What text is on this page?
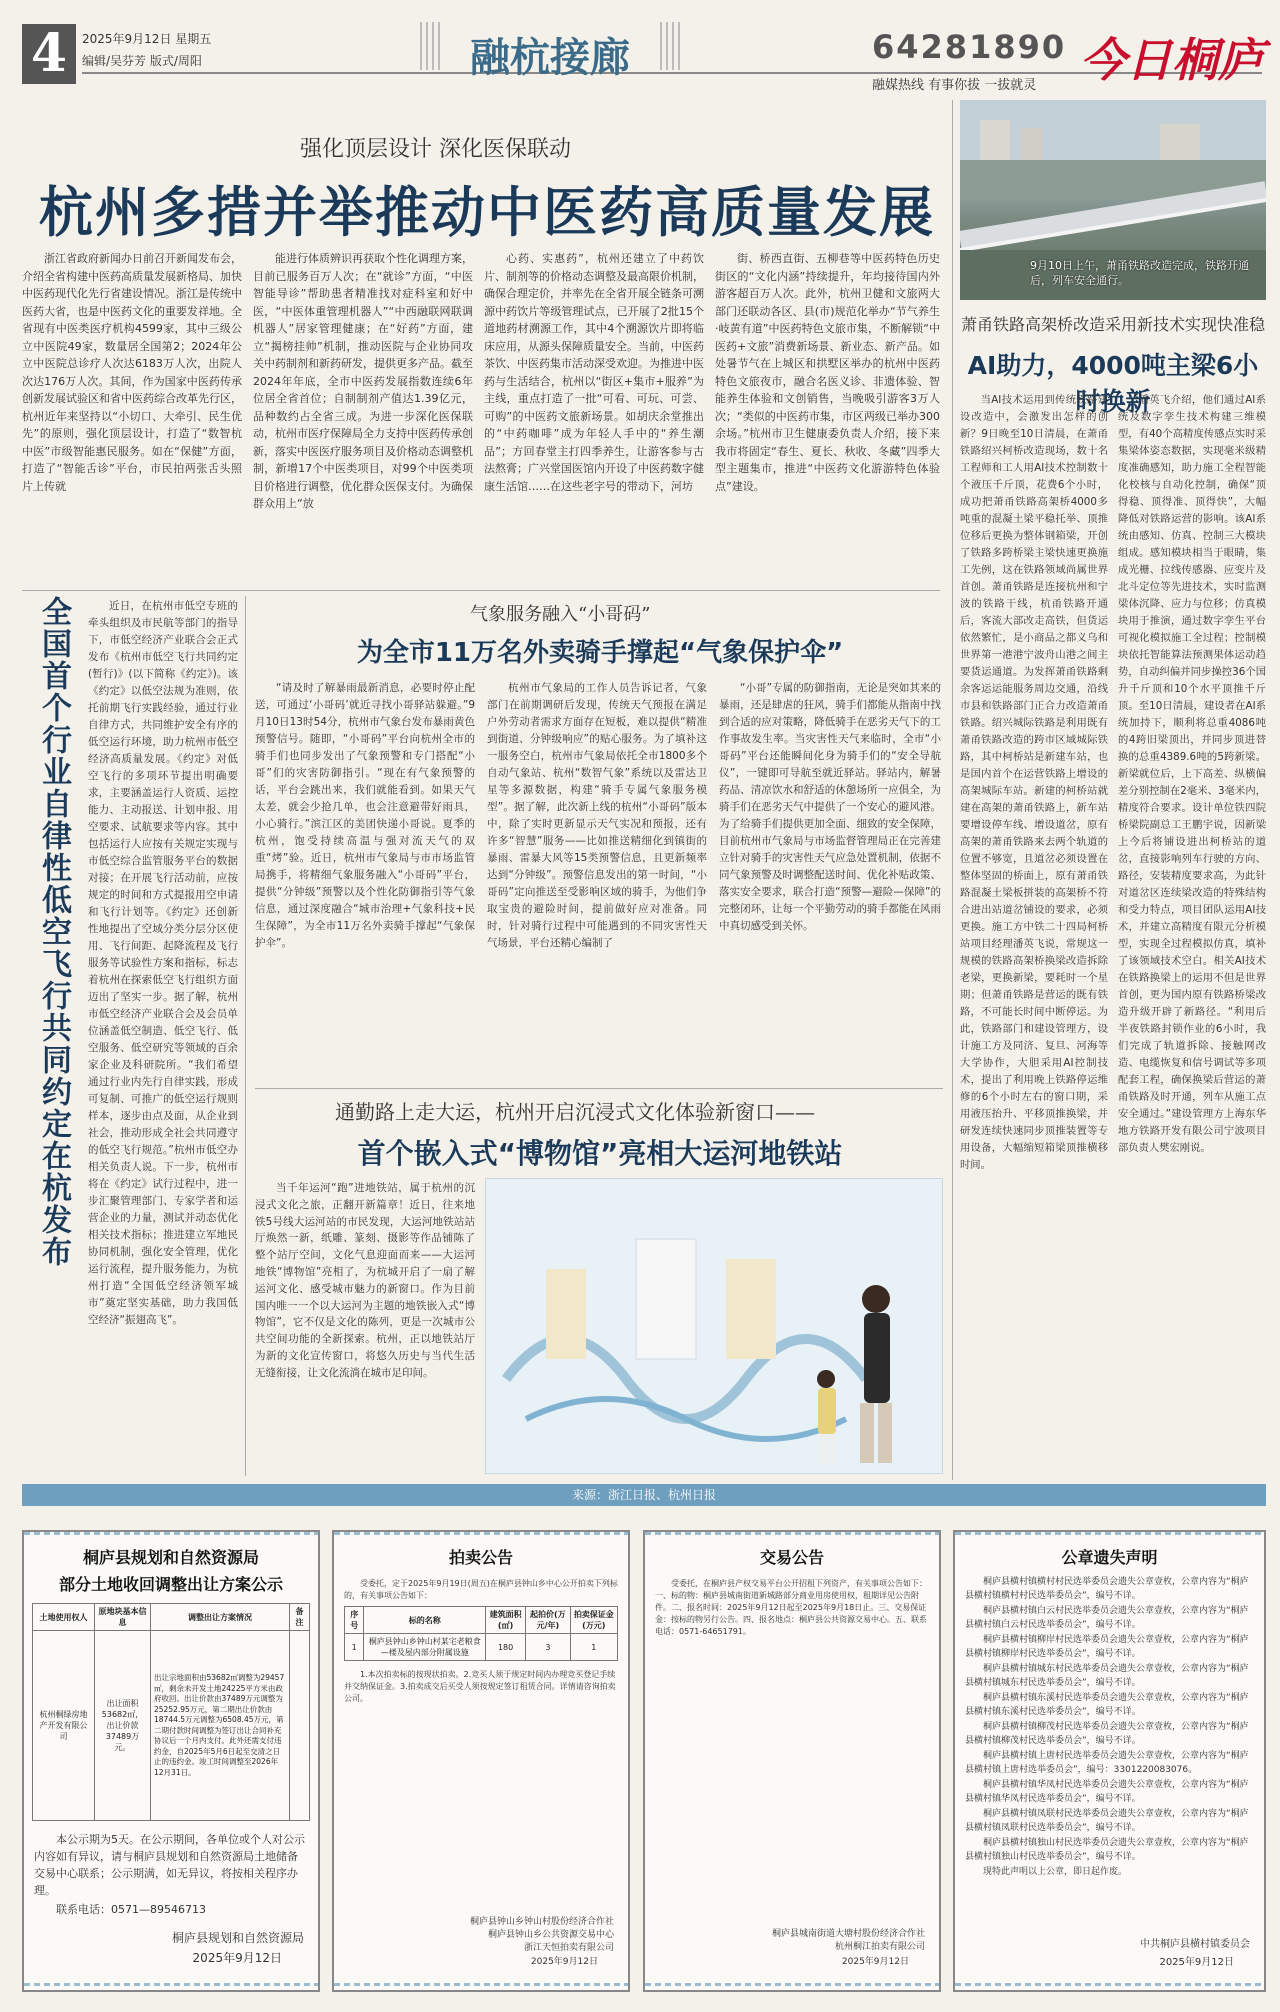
4	2025年9月12日 星期五
编辑/吴芬芳 版式/周阳	融杭接廊	64281890
融媒热线 有事你拔 一拔就灵 今日桐庐
强化顶层设计 深化医保联动
杭州多措并举推动中医药高质量发展

浙江省政府新闻办日前召开新闻发布会，介绍全省构建中医药高质量发展新格局、加快中医药现代化先行省建设情况。浙江是传统中医药大省，也是中医药文化的重要发祥地。全省现有中医类医疗机构4599家，其中三级公立中医院49家，数量居全国第2；2024年公立中医院总诊疗人次达6183万人次，出院人次达176万人次。其间，作为国家中医药传承创新发展试验区和省中医药综合改革先行区，杭州近年来坚持以“小切口、大牵引、民生优先”的原则，强化顶层设计，打造了“数智杭中医”市级智能惠民服务。如在“保健”方面，打造了“智能舌诊”平台，市民拍两张舌头照片上传就

能进行体质辨识再获取个性化调理方案，目前已服务百万人次；在“就诊”方面，“中医智能导诊”帮助患者精准找对症科室和好中医，“中医体重管理机器人”“中西融联网联调机器人”居家管理健康；在“好药”方面，建立“揭榜挂帅”机制，推动医院与企业协同攻关中药制剂和新药研发，提供更多产品。截至2024年年底，全市中医药发展指数连续6年位居全省首位；自制制剂产值达1.39亿元，品种数约占全省三成。为进一步深化医保联动，杭州市医疗保障局全力支持中医药传承创新，落实中医医疗服务项目及价格动态调整机制，新增17个中医类项目，对99个中医类项目价格进行调整，优化群众医保支付。为确保群众用上“放

心药、实惠药”，杭州还建立了中药饮片、制剂等的价格动态调整及最高限价机制，确保合理定价，并率先在全省开展全链条可溯源中药饮片等级管理试点，已开展了2批15个道地药材溯源工作，其中4个溯源饮片即将临床应用，从源头保障质量安全。当前，中医药茶饮、中医药集市活动深受欢迎。为推进中医药与生活结合，杭州以“街区+集市+服养”为主线，重点打造了一批“可看、可玩、可尝、可购”的中医药文旅新场景。如胡庆余堂推出的“中药咖啡”成为年轻人手中的“养生潮品”；方回春堂主打四季养生，让游客参与古法熬膏；广兴堂国医馆内开设了中医药数字健康生活馆……在这些老字号的带动下，河坊

街、桥西直街、五柳巷等中医药特色历史街区的“文化内涵”持续提升，年均接待国内外游客超百万人次。此外，杭州卫健和文旅两大部门还联动各区、县(市)规范化举办“节气养生·岐黄有道”中医药特色文旅市集，不断解锁“中医药+文旅”消费新场景、新业态、新产品。如处暑节气在上城区和拱墅区举办的杭州中医药特色文旅夜市，融合名医义诊、非遗体验、智能养生体验和文创销售，当晚吸引游客3万人次；“类似的中医药市集，市区两级已举办300余场。”杭州市卫生健康委负责人介绍，接下来我市将固定“春生、夏长、秋收、冬藏”四季大型主题集市，推进“中医药文化游游特色体验点”建设。

全国首个行业自律性低空飞行共同约定在杭发布	近日，在杭州市低空专班的牵头组织及市民航等部门的指导下，市低空经济产业联合会正式发布《杭州市低空飞行共同约定(暂行)》(以下简称《约定》)。该《约定》以低空法规为准则，依托前期飞行实践经验，通过行业自律方式，共同维护安全有序的低空运行环境，助力杭州市低空经济高质量发展。《约定》对低空飞行的多项环节提出明确要求，主要涵盖运行人资质、运控能力、主动报送、计划申报、用空要求、试航要求等内容。其中包括运行人应按有关规定实现与市低空综合监管服务平台的数据对接；在开展飞行活动前，应按规定的时间和方式提报用空申请和飞行计划等。《约定》还创新性地提出了空域分类分层分区使用、飞行间距、起降流程及飞行服务等试验性方案和指标，标志着杭州在探索低空飞行组织方面迈出了坚实一步。据了解，杭州市低空经济产业联合会及会员单位涵盖低空制造、低空飞行、低空服务、低空研究等领域的百余家企业及科研院所。“我们希望通过行业内先行自律实践，形成可复制、可推广的低空运行规则样本，逐步由点及面，从企业到社会，推动形成全社会共同遵守的低空飞行规范。”杭州市低空办相关负责人说。下一步，杭州市将在《约定》试行过程中，进一步汇聚管理部门、专家学者和运营企业的力量，测试并动态优化相关技术指标；推进建立军地民协同机制，强化安全管理，优化运行流程，提升服务能力，为杭州打造“全国低空经济领军城市”奠定坚实基础，助力我国低空经济“振翅高飞”。

气象服务融入“小哥码”
为全市11万名外卖骑手撑起“气象保护伞”

“请及时了解暴雨最新消息，必要时停止配送，可通过‘小哥码’就近寻找小哥驿站躲避。”9月10日13时54分，杭州市气象台发布暴雨黄色预警信号。随即，“小哥码”平台向杭州全市的骑手们也同步发出了气象预警和专门搭配“小哥”们的灾害防御指引。“现在有气象预警的话，平台会跳出来，我们就能看到。如果天气太差，就会少抢几单，也会注意避带好雨具，小心骑行。”滨江区的美团快递小哥说。夏季的杭州，饱受持续高温与强对流天气的双重“烤”验。近日，杭州市气象局与市市场监管局携手，将精细气象服务融入“小哥码”平台，提供“分钟级”预警以及个性化防御指引等气象信息，通过深度融合“城市治理+气象科技+民生保障”，为全市11万名外卖骑手撑起“气象保护伞”。

杭州市气象局的工作人员告诉记者，气象部门在前期调研后发现，传统天气预报在满足户外劳动者需求方面存在短板，难以提供“精准到街道、分钟级响应”的贴心服务。为了填补这一服务空白，杭州市气象局依托全市1800多个自动气象站、杭州“数智气象”系统以及雷达卫星等多源数据，构建“骑手专属气象服务模型”。据了解，此次新上线的杭州“小哥码”版本中，除了实时更新显示天气实况和预报，还有许多“智慧”服务——比如推送精细化到镇街的暴雨、雷暴大风等15类预警信息，且更新频率达到“分钟级”。预警信息发出的第一时间，“小哥码”定向推送至受影响区域的骑手，为他们争取宝贵的避险时间，提前做好应对准备。同时，针对骑行过程中可能遇到的不同灾害性天气场景，平台还精心编制了

“小哥”专属的防御指南，无论是突如其来的暴雨，还是肆虐的狂风，骑手们都能从指南中找到合适的应对策略，降低骑手在恶劣天气下的工作事故发生率。当灾害性天气来临时，全市“小哥码”平台还能瞬间化身为骑手们的“安全导航仪”，一键即可导航至就近驿站。驿站内，解暑药品、清凉饮水和舒适的休憩场所一应俱全，为骑手们在恶劣天气中提供了一个安心的避风港。为了给骑手们提供更加全面、细致的安全保障，目前杭州市气象局与市场监督管理局正在完善建立针对骑手的灾害性天气应急处置机制，依据不同气象预警及时调整配送时间、优化补贴政策、落实安全要求，联合打造“预警—避险—保障”的完整闭环，让每一个平勤劳动的骑手都能在风雨中真切感受到关怀。

通勤路上走大运，杭州开启沉浸式文化体验新窗口——
首个嵌入式“博物馆”亮相大运河地铁站

当千年运河“跑”进地铁站，属于杭州的沉浸式文化之旅，正翻开新篇章！近日，往来地铁5号线大运河站的市民发现，大运河地铁站站厅焕然一新，纸雕、篆刻、摄影等作品铺陈了整个站厅空间，文化气息迎面而来——大运河地铁“博物馆”亮相了，为杭城开启了一扇了解运河文化、感受城市魅力的新窗口。作为目前国内唯一一个以大运河为主题的地铁嵌入式“博物馆”，它不仅是文化的陈列，更是一次城市公共空间功能的全新探索。杭州，正以地铁站厅为新的文化宣传窗口，将悠久历史与当代生活无缝衔接，让文化流淌在城市足印间。

9月10日上午，萧甬铁路改造完成，铁路开通后，列车安全通行。
萧甬铁路高架桥改造采用新技术实现快准稳
AI助力，4000吨主梁6小时换新

当AI技术运用到传统铁路建设改造中，会激发出怎样的创新？9日晚至10日清晨，在萧甬铁路绍兴柯桥改造现场，数十名工程师和工人用AI技术控制数十个液压千斤顶，花费6个小时，成功把萧甬铁路高架桥4000多吨重的混凝土梁平稳托举、顶推位移后更换为整体钢箱梁，开创了铁路多跨桥梁主梁快速更换施工先例，这在铁路领域尚属世界首创。萧甬铁路是连接杭州和宁波的铁路干线，杭甬铁路开通后，客流大部改走高铁，但货运依然繁忙，是小商品之都义乌和世界第一港港宁波舟山港之间主要货运通道。为发挥萧甬铁路剩余客运运能服务周边交通，沿线市县和铁路部门正合力改造萧甬铁路。绍兴城际铁路是利用既有萧甬铁路改造的跨市区域城际铁路，其中柯桥站是新建车站，也是国内首个在运营铁路上增设的高架城际车站。新建的柯桥站就建在高架的萧甬铁路上，新车站要增设停车线、增设道岔，原有高架的萧甬铁路来去两个轨道的位置不够宽，且道岔必须设置在整体坚固的桥面上，原有萧甬铁路混凝土梁板拼装的高架桥不符合进出站道岔铺设的要求，必须更换。施工方中铁二十四局柯桥站项目经理潘英飞说，常规这一规模的铁路高架桥换梁改造拆除老梁，更换新梁，要耗时一个星期；但萧甬铁路是营运的既有铁路，不可能长时间中断停运。为此，铁路部门和建设管理方，设计施工方及同济、复旦、河海等大学协作，大胆采用AI控制技术，提出了利用晚上铁路停运维修的6个小时左右的窗口期，采用液压抬升、平移顶推换梁，并研发连续快速同步顶推装置等专用设备，大幅缩短箱梁顶推横移时间。

潘英飞介绍，他们通过AI系统及数字孪生技术构建三维模型，有40个高精度传感点实时采集梁体姿态数据，实现毫米级精度准确感知，助力施工全程智能化校核与自动化控制，确保“顶得稳、顶得准、顶得快”，大幅降低对铁路运营的影响。该AI系统由感知、仿真、控制三大模块组成。感知模块相当于眼睛，集成光栅、拉线传感器、应变片及北斗定位等先进技术，实时监测梁体沉降、应力与位移；仿真模块用于推演，通过数字孪生平台可视化模拟施工全过程；控制模块依托智能算法预测果体运动趋势，自动纠偏并同步操控36个国升千斤顶和10个水平顶推千斤顶。至10日清晨，建设者在AI系统加持下，顺利将总重4086吨的4跨旧梁顶出，并同步顶进替换的总重4389.6吨的5跨新梁。新梁就位后，上下高差、纵横偏差分别控制在2毫米、3毫米内，精度符合要求。设计单位铁四院桥梁院副总工王鹏宇说，因新梁上今后将铺设进出柯桥站的道岔，直接影响列车行驶的方向、路径，安装精度要求高，为此针对道岔区连续梁改造的特殊结构和受力特点，项目团队运用AI技术，并建立高精度有限元分析模型，实现全过程模拟仿真，填补了该领域技术空白。相关AI技术在铁路换梁上的运用不但是世界首创，更为国内原有铁路桥梁改造升级开辟了新路径。“利用后半夜铁路封锁作业的6小时，我们完成了轨道拆除、接触网改造、电缆恢复和信号调试等多项配套工程，确保换梁后营运的萧甬铁路及时开通，列车从施工点安全通过。”建设管理方上海东华地方铁路开发有限公司宁波项目部负责人樊宏刚说。

来源：浙江日报、杭州日报
桐庐县规划和自然资源局
部分土地收回调整出让方案公示
土地使用权人	原地块基本信息	调整出让方案情况	备注
杭州桐绿房地产开发有限公司	出让面积53682㎡，出让价款37489万元。	出让宗地面积由53682㎡调整为29457㎡，剩余未开发土地24225平方米由政府收回。出让价款由37489万元调整为25252.95万元，第二期出让价款由18744.5万元调整为6508.45万元，第二期付款时间调整为签订出让合同补充协议后一个月内支付。此外还需支付违约金，自2025年5月6日起至交清之日止的违约金。竣工时间调整至2026年12月31日。	
本公示期为5天。在公示期间，各单位或个人对公示内容如有异议，请与桐庐县规划和自然资源局土地储备交易中心联系；公示期满，如无异议，将按相关程序办理。
联系电话：0571—89546713
桐庐县规划和自然资源局
2025年9月12日
拍卖公告
受委托，定于2025年9月19日(周五)在桐庐县钟山乡中心公开拍卖下列标的，有关事项公告如下：
序号	标的名称	建筑面积(㎡)	起拍价(万元/年)	拍卖保证金(万元)
1	桐庐县钟山乡钟山村某宅老粮食—楼及屋内部分附属设施	180	3	1
1.本次拍卖标的按现状拍卖。2.竞买人须于规定时间内办理竞买登记手续并交纳保证金。3.拍卖成交后买受人须按规定签订租赁合同。详情请咨询拍卖公司。
桐庐县钟山乡钟山村股份经济合作社
桐庐县钟山乡公共资源交易中心
浙江天恒拍卖有限公司
2025年9月12日
交易公告
受委托，在桐庐县产权交易平台公开招租下列资产，有关事项公告如下：一、标的物：桐庐县城南街道新城路部分商业用房使用权，租期详见公告附件。二、报名时间：2025年9月12日起至2025年9月18日止。三、交易保证金：按标的物另行公告。四、报名地点：桐庐县公共资源交易中心。五、联系电话：0571-64651791。
桐庐县城南街道大塘村股份经济合作社
杭州桐江拍卖有限公司
2025年9月12日
公章遗失声明

桐庐县横村镇横村村民选举委员会遗失公章壹枚，公章内容为“桐庐县横村镇横村村民选举委员会”，编号不详。

桐庐县横村镇白云村民选举委员会遗失公章壹枚，公章内容为“桐庐县横村镇白云村民选举委员会”，编号不详。

桐庐县横村镇柳岸村民选举委员会遗失公章壹枚，公章内容为“桐庐县横村镇柳岸村民选举委员会”，编号不详。

桐庐县横村镇城东村民选举委员会遗失公章壹枚，公章内容为“桐庐县横村镇城东村民选举委员会”，编号不详。

桐庐县横村镇东溪村民选举委员会遗失公章壹枚，公章内容为“桐庐县横村镇东溪村民选举委员会”，编号不详。

桐庐县横村镇柳茂村民选举委员会遗失公章壹枚，公章内容为“桐庐县横村镇柳茂村民选举委员会”，编号不详。

桐庐县横村镇上唐村民选举委员会遗失公章壹枚，公章内容为“桐庐县横村镇上唐村选举委员会”，编号：3301220083076。

桐庐县横村镇华凤村民选举委员会遗失公章壹枚，公章内容为“桐庐县横村镇华凤村民选举委员会”，编号不详。

桐庐县横村镇凤联村民选举委员会遗失公章壹枚，公章内容为“桐庐县横村镇凤联村民选举委员会”，编号不详。

桐庐县横村镇独山村民选举委员会遗失公章壹枚，公章内容为“桐庐县横村镇独山村民选举委员会”，编号不详。

现特此声明以上公章，即日起作废。

中共桐庐县横村镇委员会
2025年9月12日
